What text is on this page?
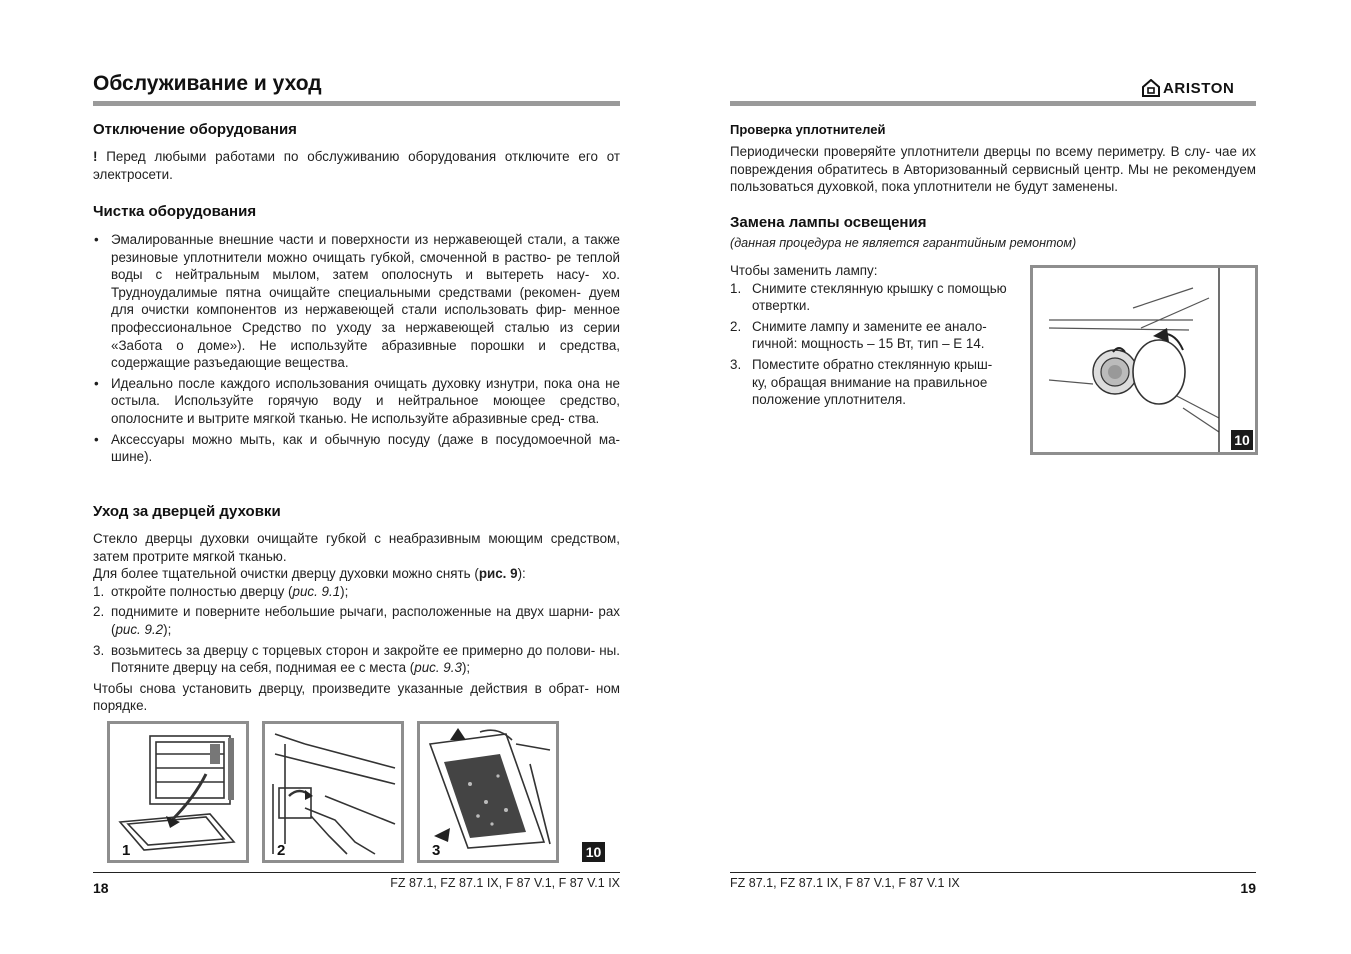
Обслуживание и уход
Отключение оборудования

! Перед любыми работами по обслуживанию оборудования отключите его от электросети.

Чистка оборудования
• Эмалированные внешние части и поверхности из нержавеющей стали, а также резиновые уплотнители можно очищать губкой, смоченной в раство- ре теплой воды с нейтральным мылом, затем ополоснуть и вытереть насу- хо. Трудноудалимые пятна очищайте специальными средствами (рекомен- дуем для очистки компонентов из нержавеющей стали использовать фир- менное профессиональное Средство по уходу за нержавеющей сталью из серии «Забота о доме»). Не используйте абразивные порошки и средства, содержащие разъедающие вещества.
• Идеально после каждого использования очищать духовку изнутри, пока она не остыла. Используйте горячую воду и нейтральное моющее средство, ополосните и вытрите мягкой тканью. Не используйте абразивные сред- ства.
• Аксессуары можно мыть, как и обычную посуду (даже в посудомоечной ма- шине).
Уход за дверцей духовки

Стекло дверцы духовки очищайте губкой с неабразивным моющим средством, затем протрите мягкой тканью.

Для более тщательной очистки дверцу духовки можно снять (рис. 9):

1. откройте полностью дверцу (рис. 9.1);
2. поднимите и поверните небольшие рычаги, расположенные на двух шарни- рах (рис. 9.2);
3. возьмитесь за дверцу с торцевых сторон и закройте ее примерно до полови- ны. Потяните дверцу на себя, поднимая ее с места (рис. 9.3);

Чтобы снова установить дверцу, произведите указанные действия в обрат- ном порядке.

1	2	3	10
18	FZ 87.1, FZ 87.1 IX, F 87 V.1, F 87 V.1 IX
ARISTON
Проверка уплотнителей
Периодически проверяйте уплотнители дверцы по всему периметру. В слу- чае их повреждения обратитесь в Авторизованный сервисный центр. Мы не рекомендуем пользоваться духовкой, пока уплотнители не будут заменены.
Замена лампы освещения
(данная процедура не является гарантийным ремонтом)

Чтобы заменить лампу:

1. Снимите стеклянную крышку с помощью отвертки.
2. Снимите лампу и замените ее анало- гичной: мощность – 15 Вт, тип – Е 14.
3. Поместите обратно стеклянную крыш- ку, обращая внимание на правильное положение уплотнителя.
10
FZ 87.1, FZ 87.1 IX, F 87 V.1, F 87 V.1 IX	19
